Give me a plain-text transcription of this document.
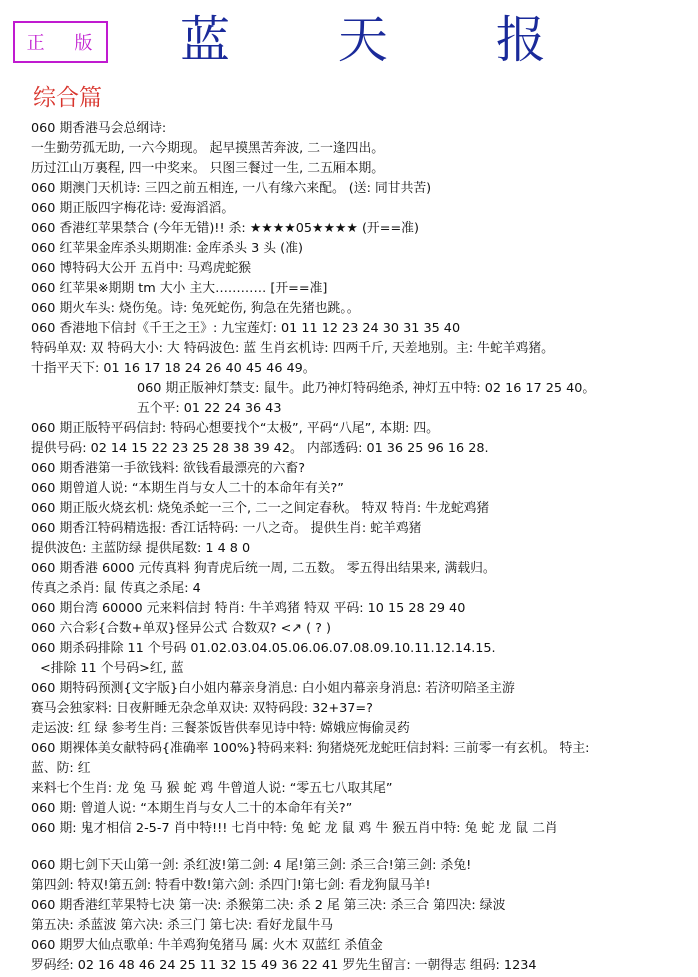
正 版 蓝 天 报
综合篇
060 期香港马会总纲诗:
一生勤劳孤无助, 一六今期现。 起早摸黑苦奔波, 二一逢四出。
历过江山万裏程, 四一中奖来。 只图三餐过一生, 二五厢本期。
060 期澳门天机诗: 三四之前五相连, 一八有缘六来配。 (送: 同甘共苦)
060 期正版四字梅花诗: 爱海滔滔。
060 香港红苹果禁合 (今年无错)!! 杀: ★★★★05★★★★ (开==准)
060 红苹果金库杀头期期准: 金库杀头 3 头 (准)
060 博特码大公开 五肖中: 马鸡虎蛇猴
060 红苹果※期期 tm 大小 主大………… [开==准]
060 期火车头: 烧伤兔。诗: 兔死蛇伤, 狗急在先猪也跳。。
060 香港地下信封《千王之王》: 九宝莲灯: 01 11 12 23 24 30 31 35 40
特码单双: 双 特码大小: 大 特码波色: 蓝 生肖玄机诗: 四两千斤, 天差地别。主: 牛蛇羊鸡猪。
十指平天下: 01 16 17 18 24 26 40 45 46 49。
060 期正版神灯禁支: 鼠牛。此乃神灯特码绝杀, 神灯五中特: 02 16 17 25 40。
五个平: 01 22 24 36 43
060 期正版特平码信封: 特码心想要找个“太极”, 平码“八尾”, 本期: 四。
提供号码: 02 14 15 22 23 25 28 38 39 42。 内部透码: 01 36 25 96 16 28.
060 期香港第一手欲钱料: 欲钱看最漂亮的六畜?
060 期曾道人说: “本期生肖与女人二十的本命年有关?”
060 期正版火烧玄机: 烧兔杀蛇一三个, 二一之间定春秋。 特双 特肖: 牛龙蛇鸡猪
060 期香江特码精选报: 香江话特码: 一八之奇。 提供生肖: 蛇羊鸡猪
提供波色: 主蓝防绿 提供尾数: 1 4 8 0
060 期香港 6000 元传真料 狗青虎后统一周, 二五数。 零五得出结果来, 满载归。
传真之杀肖: 鼠 传真之杀尾: 4
060 期台湾 60000 元来料信封 特肖: 牛羊鸡猪 特双 平码: 10 15 28 29 40
060 六合彩{合数+单双}怪异公式 合数双? <↗ ( ? )
060 期杀码排除 11 个号码 01.02.03.04.05.06.06.07.08.09.10.11.12.14.15.
<排除 11 个号码>红, 蓝
060 期特码预测{文字版}白小姐内幕亲身消息: 白小姐内幕亲身消息: 若济叨陪圣主游
赛马会独家料: 日夜鼾睡无杂念单双诀: 双特码段: 32+37=?
走运波: 红 绿 参考生肖: 三餐茶饭皆供奉见诗中特: 嫦娥应悔偷灵药
060 期裸体美女献特码{准确率 100%}特码来料: 狗猪烧死龙蛇旺信封料: 三前零一有玄机。 特主:
蓝、防: 红
来料七个生肖: 龙 兔 马 猴 蛇 鸡 牛曾道人说: “零五七八取其尾”
060 期: 曾道人说: “本期生肖与女人二十的本命年有关?”
060 期: 鬼才相信 2-5-7 肖中特!!! 七肖中特: 兔 蛇 龙 鼠 鸡 牛 猴五肖中特: 兔 蛇 龙 鼠 二肖
060 期七剑下天山第一剑: 杀红波!第二剑: 4 尾!第三剑: 杀三合!第三剑: 杀兔!
第四剑: 特双!第五剑: 特看中数!第六剑: 杀四门!第七剑: 看龙狗鼠马羊!
060 期香港红苹果特七决 第一决: 杀猴第二决: 杀 2 尾 第三决: 杀三合 第四决: 绿波
第五决: 杀蓝波 第六决: 杀三门 第七决: 看好龙鼠牛马
060 期罗大仙点歌单: 牛羊鸡狗兔猪马 属: 火木 双蓝红 杀值金
罗码经: 02 16 48 46 24 25 11 32 15 49 36 22 41 罗先生留言: 一朝得志 组码: 1234
